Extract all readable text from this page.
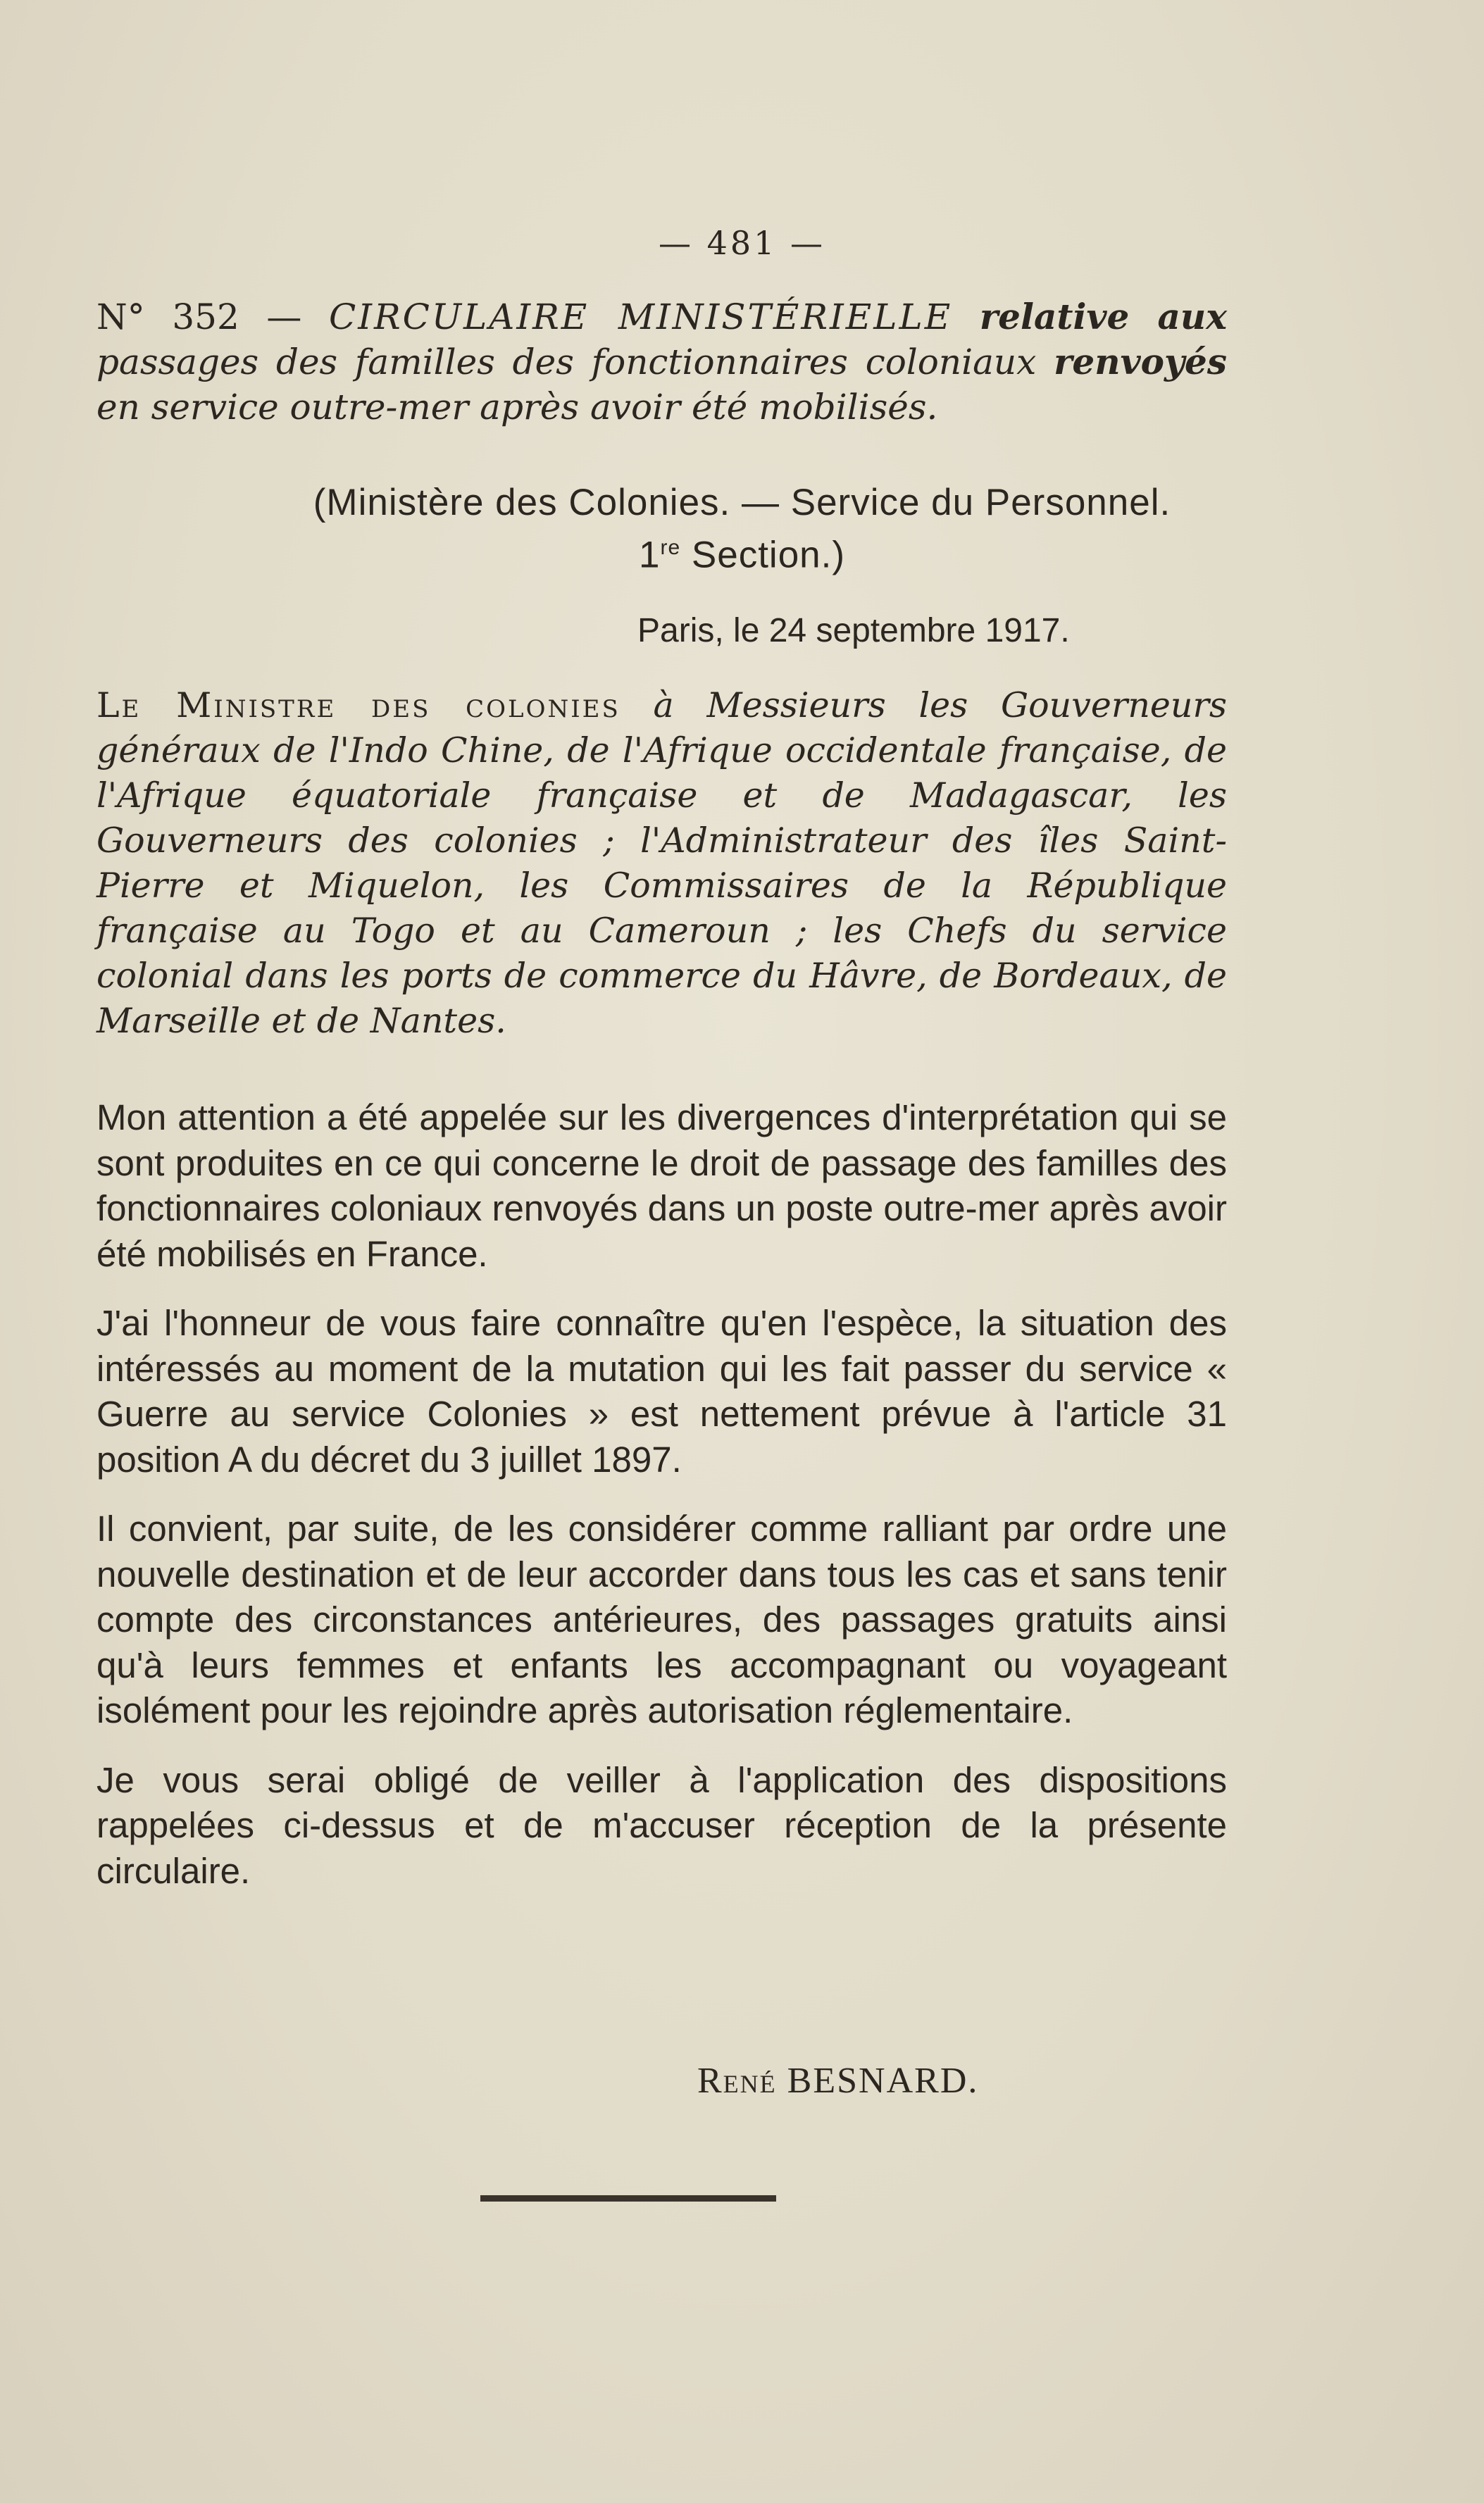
— 481 —
N° 352 — CIRCULAIRE MINISTÉRIELLE relative aux passages des familles des fonctionnaires coloniaux renvoyés en service outre-mer après avoir été mobilisés.
(Ministère des Colonies. — Service du Personnel.
1re Section.)
Paris, le 24 septembre 1917.
Le Ministre des colonies à Messieurs les Gouverneurs généraux de l'Indo Chine, de l'Afrique occidentale française, de l'Afrique équatoriale française et de Madagascar, les Gouverneurs des colonies ; l'Administrateur des îles Saint-Pierre et Miquelon, les Commissaires de la République française au Togo et au Cameroun ; les Chefs du service colonial dans les ports de commerce du Hâvre, de Bordeaux, de Marseille et de Nantes.

Mon attention a été appelée sur les divergences d'interprétation qui se sont produites en ce qui concerne le droit de passage des familles des fonctionnaires coloniaux renvoyés dans un poste outre-mer après avoir été mobilisés en France.

J'ai l'honneur de vous faire connaître qu'en l'espèce, la situation des intéressés au moment de la mutation qui les fait passer du service « Guerre au service Colonies » est nettement prévue à l'article 31 position A du décret du 3 juillet 1897.

Il convient, par suite, de les considérer comme ralliant par ordre une nouvelle destination et de leur accorder dans tous les cas et sans tenir compte des circonstances antérieures, des passages gratuits ainsi qu'à leurs femmes et enfants les accompagnant ou voyageant isolément pour les rejoindre après autorisation réglementaire.

Je vous serai obligé de veiller à l'application des dispositions rappelées ci-dessus et de m'accuser réception de la présente circulaire.

René BESNARD.
